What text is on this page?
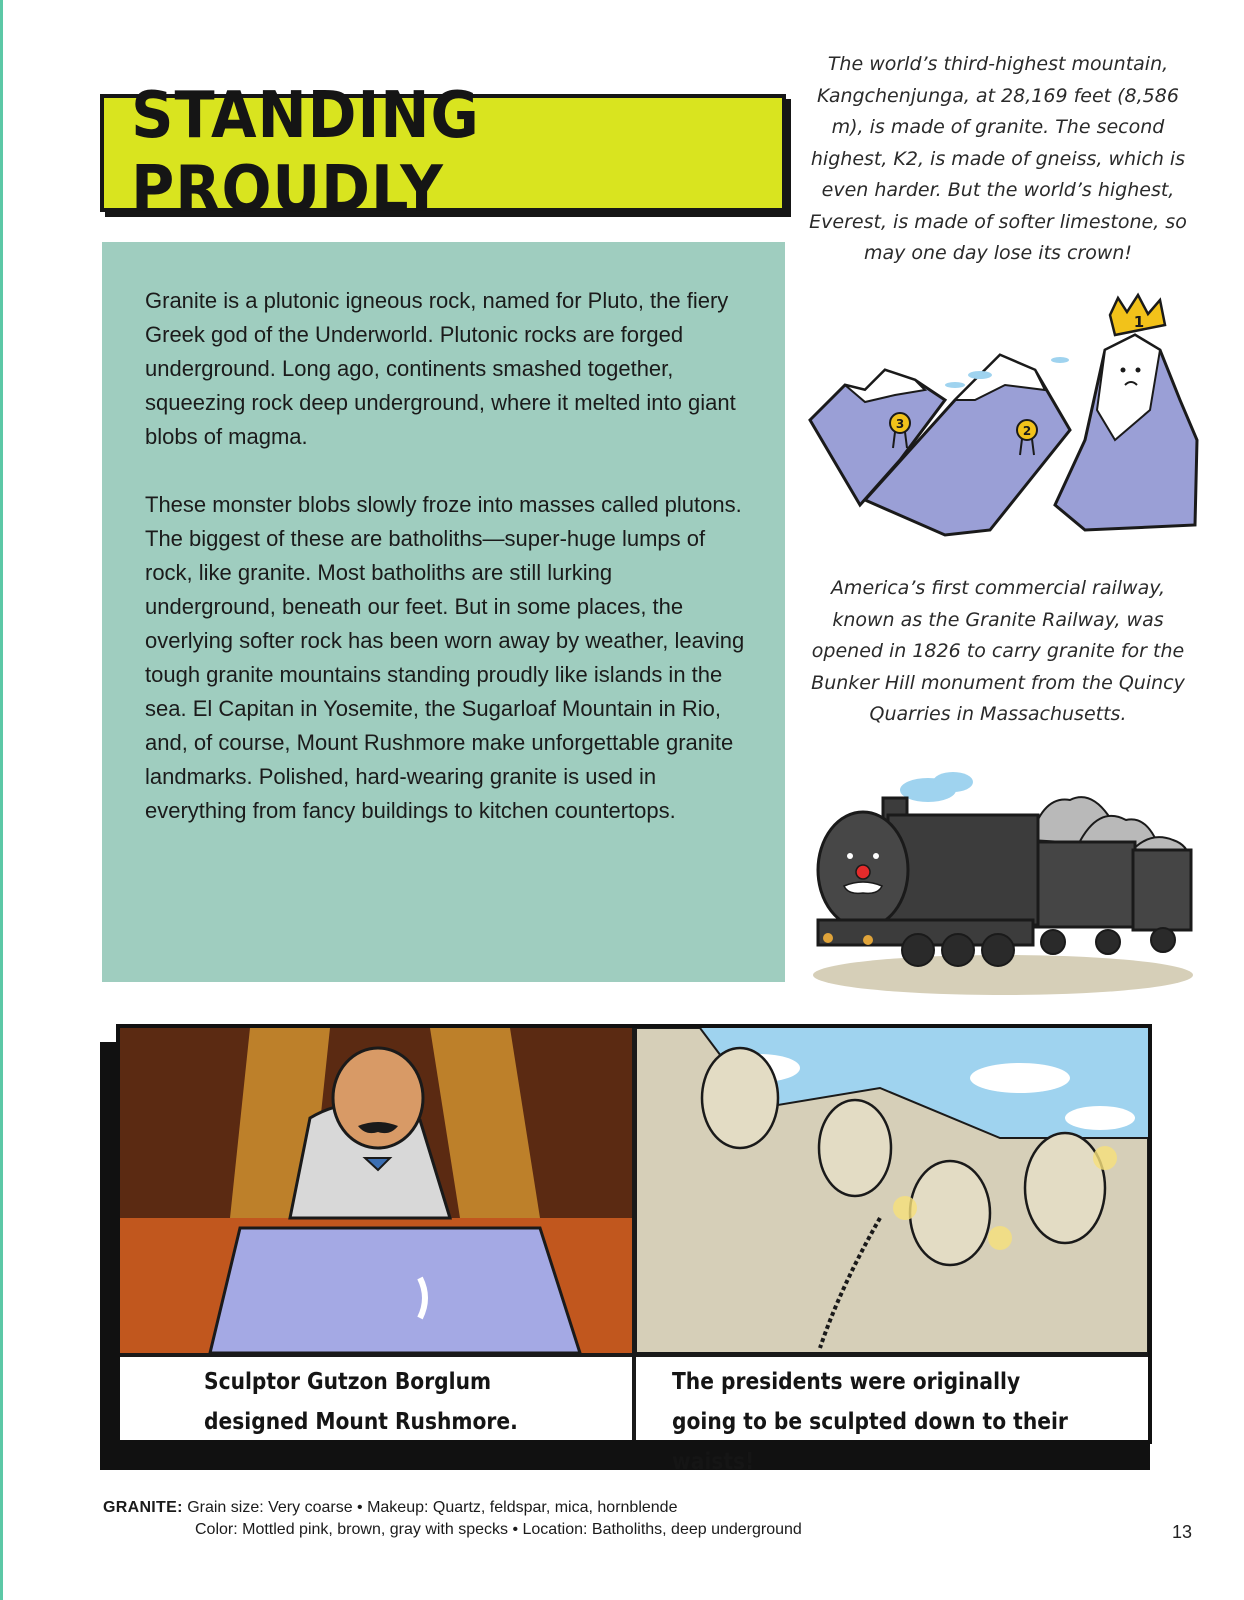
STANDING PROUDLY

Granite is a plutonic igneous rock, named for Pluto, the fiery Greek god of the Underworld. Plutonic rocks are forged underground. Long ago, continents smashed together, squeezing rock deep underground, where it melted into giant blobs of magma.

These monster blobs slowly froze into masses called plutons. The biggest of these are batholiths—super-huge lumps of rock, like granite. Most batholiths are still lurking underground, beneath our feet. But in some places, the overlying softer rock has been worn away by weather, leaving tough granite mountains standing proudly like islands in the sea. El Capitan in Yosemite, the Sugarloaf Mountain in Rio, and, of course, Mount Rushmore make unforgettable granite landmarks. Polished, hard-wearing granite is used in everything from fancy buildings to kitchen countertops.

The world’s third-highest mountain, Kangchenjunga, at 28,169 feet (8,586 m), is made of granite. The second highest, K2, is made of gneiss, which is even harder. But the world’s highest, Everest, is made of softer limestone, so may one day lose its crown!

1
3	2

America’s first commercial railway, known as the Granite Railway, was opened in 1826 to carry granite for the Bunker Hill monument from the Quincy Quarries in Massachusetts.

Sculptor Gutzon Borglum designed Mount Rushmore.
The presidents were originally going to be sculpted down to their waists!
GRANITE: Grain size: Very coarse • Makeup: Quartz, feldspar, mica, hornblende
Color: Mottled pink, brown, gray with specks • Location: Batholiths, deep underground	13
